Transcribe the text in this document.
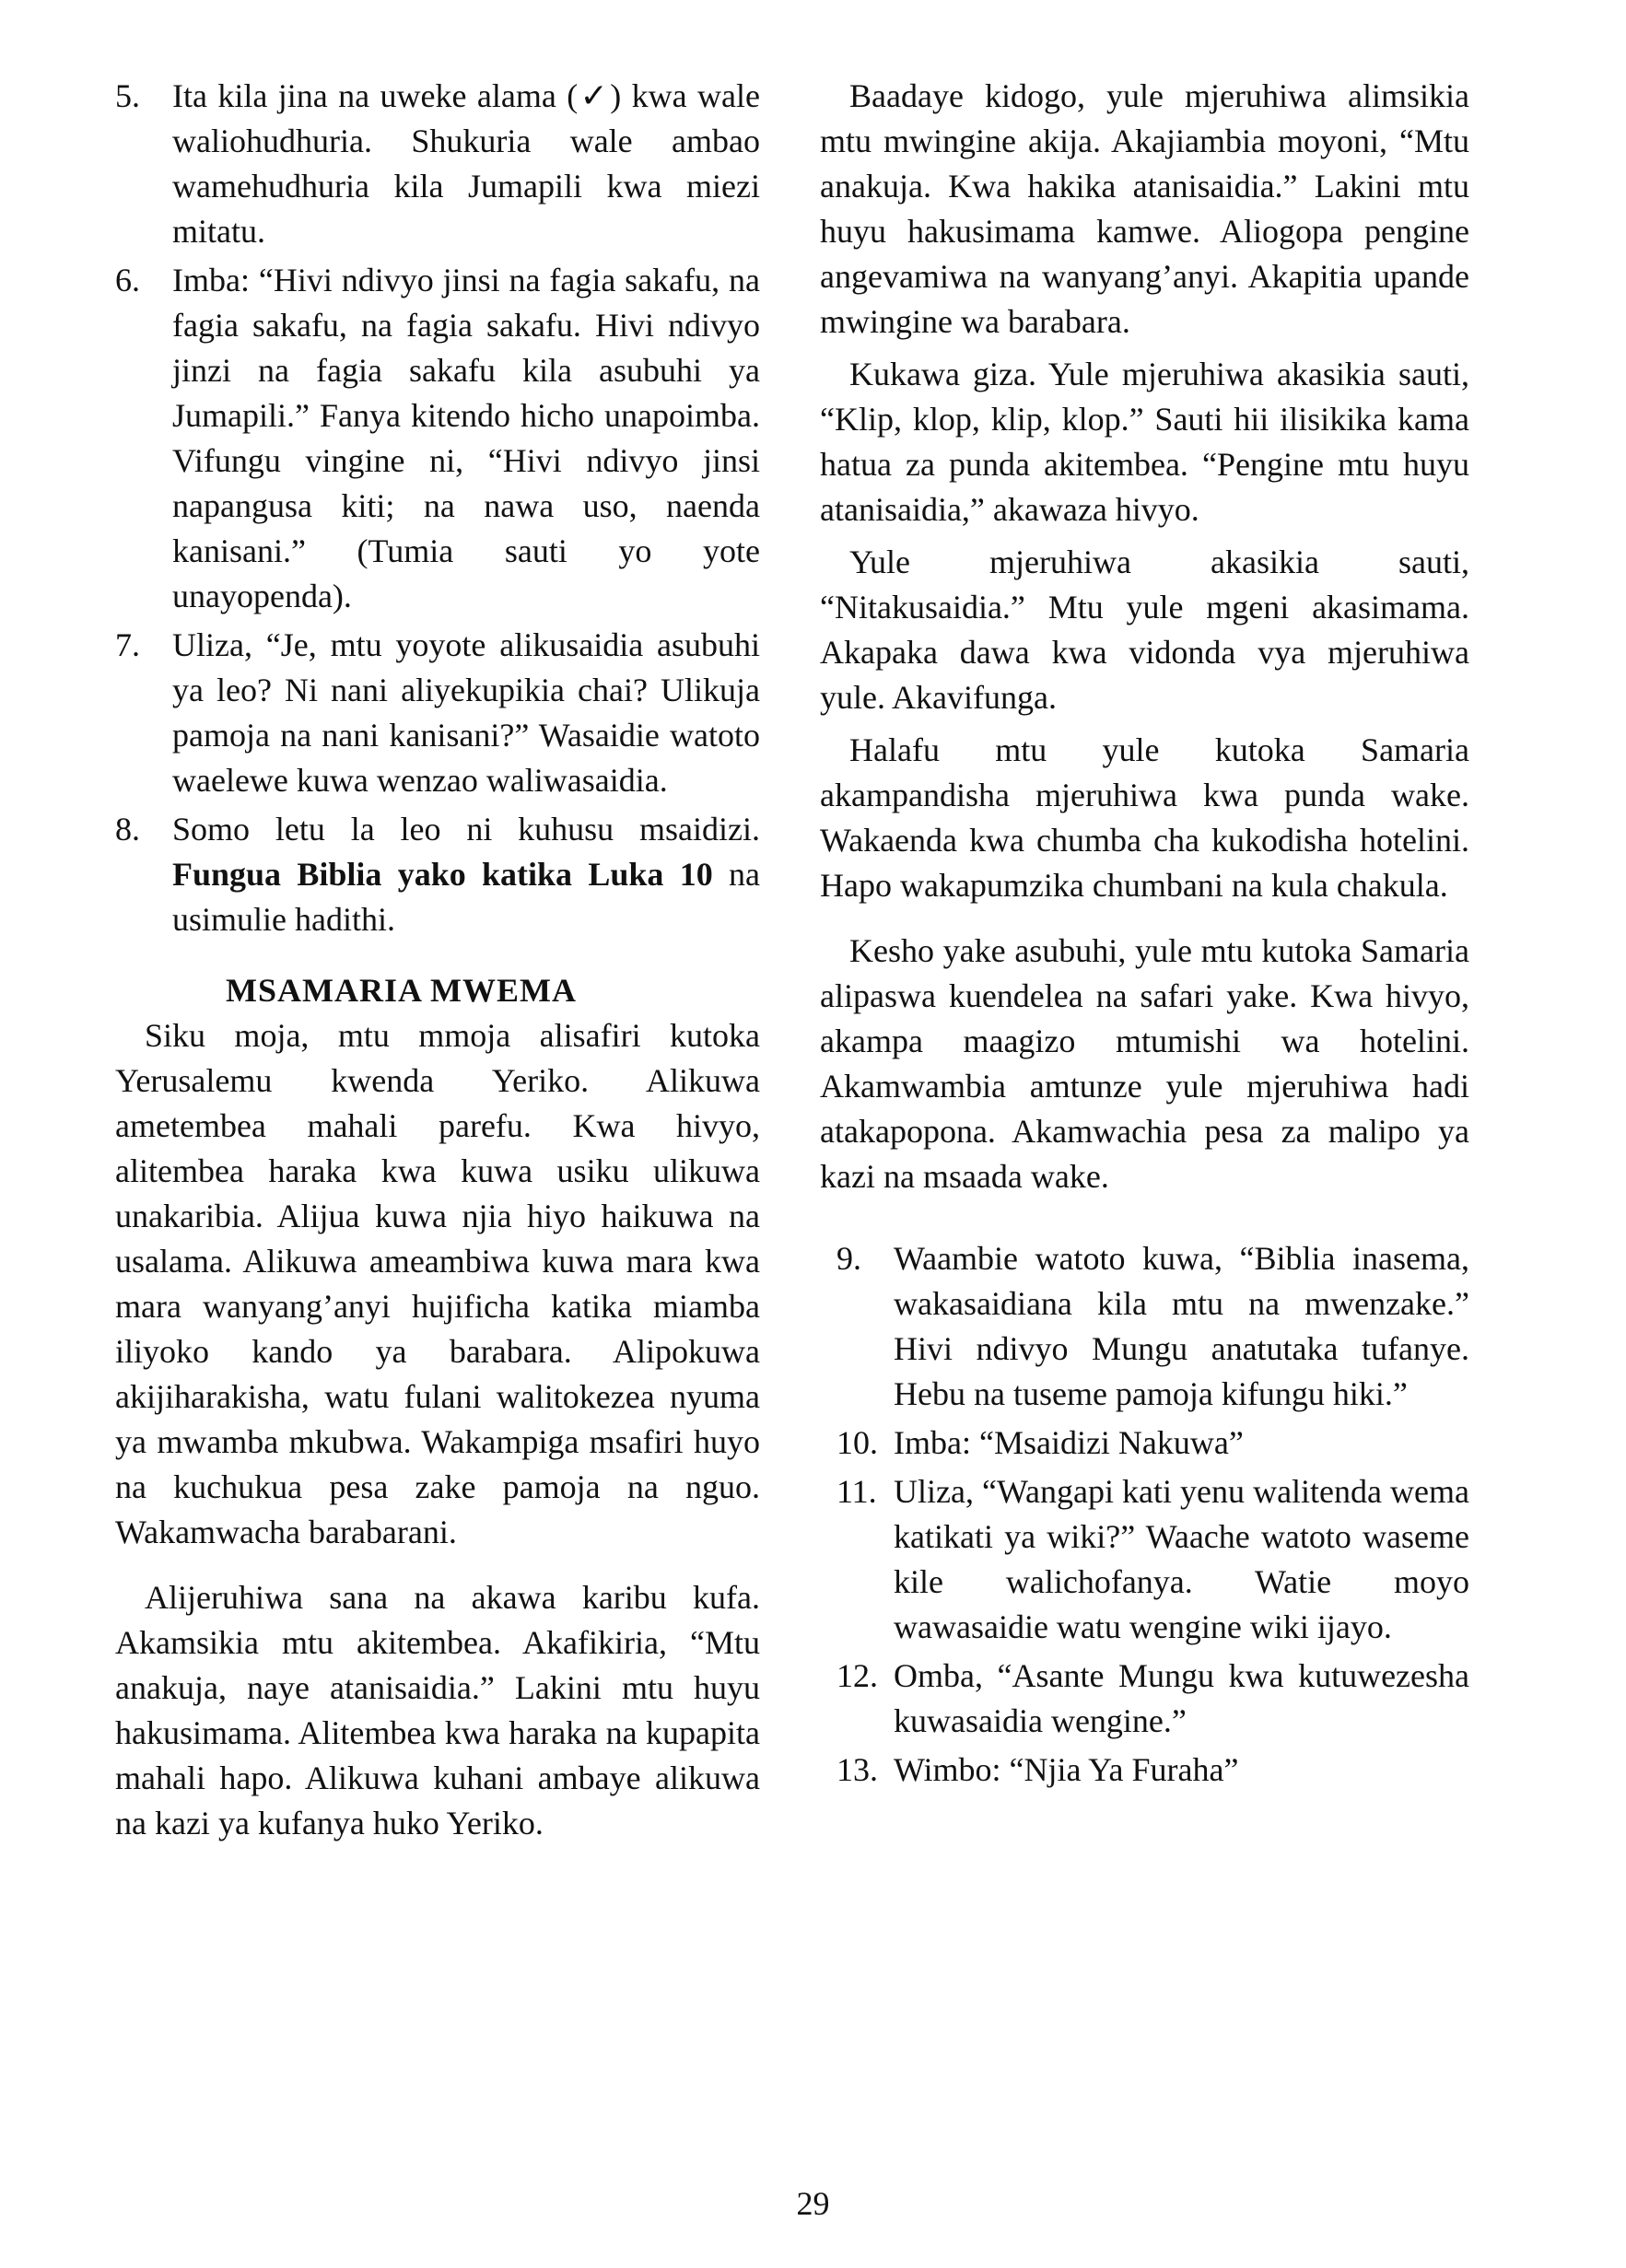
5. Ita kila jina na uweke alama (✓) kwa wale waliohudhuria. Shukuria wale ambao wamehudhuria kila Jumapili kwa miezi mitatu.
6. Imba: “Hivi ndivyo jinsi na fagia sakafu, na fagia sakafu, na fagia sakafu. Hivi ndivyo jinzi na fagia sakafu kila asubuhi ya Jumapili.” Fanya kitendo hicho unapoimba. Vifungu vingine ni, “Hivi ndivyo jinsi napangusa kiti; na nawa uso, naenda kanisani.” (Tumia sauti yo yote unayopenda).
7. Uliza, “Je, mtu yoyote alikusaidia asubuhi ya leo? Ni nani aliyekupikia chai? Ulikuja pamoja na nani kanisani?” Wasaidie watoto waelewe kuwa wenzao waliwasaidia.
8. Somo letu la leo ni kuhusu msaidizi. Fungua Biblia yako katika Luka 10 na usimulie hadithi.
MSAMARIA MWEMA

Siku moja, mtu mmoja alisafiri kutoka Yerusalemu kwenda Yeriko. Alikuwa ametembea mahali parefu. Kwa hivyo, alitembea haraka kwa kuwa usiku ulikuwa unakaribia. Alijua kuwa njia hiyo haikuwa na usalama. Alikuwa ameambiwa kuwa mara kwa mara wanyang’anyi hujificha katika miamba iliyoko kando ya barabara. Alipokuwa akijiharakisha, watu fulani walitokezea nyuma ya mwamba mkubwa. Wakampiga msafiri huyo na kuchukua pesa zake pamoja na nguo. Wakamwacha barabarani.

Alijeruhiwa sana na akawa karibu kufa. Akamsikia mtu akitembea. Akafikiria, “Mtu anakuja, naye atanisaidia.” Lakini mtu huyu hakusimama. Alitembea kwa haraka na kupapita mahali hapo. Alikuwa kuhani ambaye alikuwa na kazi ya kufanya huko Yeriko.

Baadaye kidogo, yule mjeruhiwa alimsikia mtu mwingine akija. Akajiambia moyoni, “Mtu anakuja. Kwa hakika atanisaidia.” Lakini mtu huyu hakusimama kamwe. Aliogopa pengine angevamiwa na wanyang’anyi. Akapitia upande mwingine wa barabara.

Kukawa giza. Yule mjeruhiwa akasikia sauti, “Klip, klop, klip, klop.” Sauti hii ilisikika kama hatua za punda akitembea. “Pengine mtu huyu atanisaidia,” akawaza hivyo.

Yule mjeruhiwa akasikia sauti, “Nitakusaidia.” Mtu yule mgeni akasimama. Akapaka dawa kwa vidonda vya mjeruhiwa yule. Akavifunga.

Halafu mtu yule kutoka Samaria akampandisha mjeruhiwa kwa punda wake. Wakaenda kwa chumba cha kukodisha hotelini. Hapo wakapumzika chumbani na kula chakula.

Kesho yake asubuhi, yule mtu kutoka Samaria alipaswa kuendelea na safari yake. Kwa hivyo, akampa maagizo mtumishi wa hotelini. Akamwambia amtunze yule mjeruhiwa hadi atakapopona. Akamwachia pesa za malipo ya kazi na msaada wake.

9. Waambie watoto kuwa, “Biblia inasema, wakasaidiana kila mtu na mwenzake.” Hivi ndivyo Mungu anatutaka tufanye. Hebu na tuseme pamoja kifungu hiki.”
10. Imba: “Msaidizi Nakuwa”
11. Uliza, “Wangapi kati yenu walitenda wema katikati ya wiki?” Waache watoto waseme kile walichofanya. Watie moyo wawasaidie watu wengine wiki ijayo.
12. Omba, “Asante Mungu kwa kutuwezesha kuwasaidia wengine.”
13. Wimbo: “Njia Ya Furaha”
29
